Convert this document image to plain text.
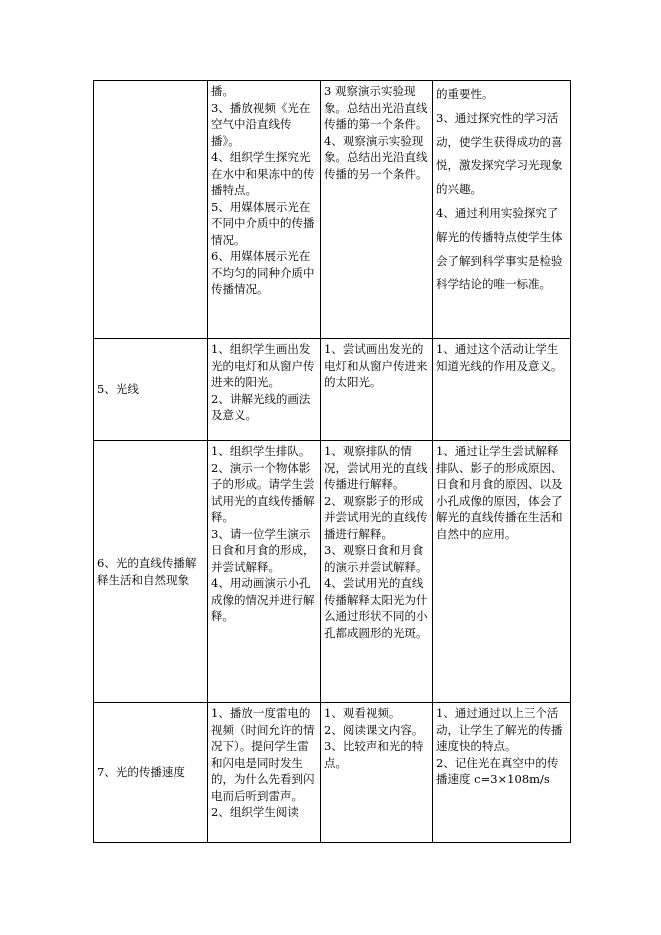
	播。
3、播放视频《光在空气中沿直线传播》。
4、组织学生探究光在水中和果冻中的传播特点。
5、用媒体展示光在不同中介质中的传播情况。
6、用媒体展示光在不均匀的同种介质中传播情况。	3 观察演示实验现象。总结出光沿直线传播的第一个条件。
4、观察演示实验现象。总结出光沿直线传播的另一个条件。	的重要性。
3、通过探究性的学习活动，使学生获得成功的喜悦，激发探究学习光现象的兴趣。
4、通过利用实验探究了解光的传播特点使学生体会了解到科学事实是检验科学结论的唯一标准。

5、光线	1、组织学生画出发光的电灯和从窗户传进来的阳光。
2、讲解光线的画法及意义。	1、尝试画出发光的电灯和从窗户传进来的太阳光。	1、通过这个活动让学生知道光线的作用及意义。

6、光的直线传播解释生活和自然现象	1、组织学生排队。
2、演示一个物体影子的形成。请学生尝试用光的直线传播解释。
3、请一位学生演示日食和月食的形成，并尝试解释。
4、用动画演示小孔成像的情况并进行解释。	1、观察排队的情况，尝试用光的直线传播进行解释。
2、观察影子的形成并尝试用光的直线传播进行解释。
3、观察日食和月食的演示并尝试解释。
4、尝试用光的直线传播解释太阳光为什么通过形状不同的小孔都成圆形的光斑。	1、通过让学生尝试解释排队、影子的形成原因、日食和月食的原因、以及小孔成像的原因，体会了解光的直线传播在生活和自然中的应用。

7、光的传播速度	1、播放一度雷电的视频（时间允许的情况下）。提问学生雷和闪电是同时发生的，为什么先看到闪电而后听到雷声。
2、组织学生阅读	1、观看视频。
2、阅读课文内容。
3、比较声和光的特点。	1、通过通过以上三个活动，让学生了解光的传播速度快的特点。
2、记住光在真空中的传播速度 c=3×108m/s
